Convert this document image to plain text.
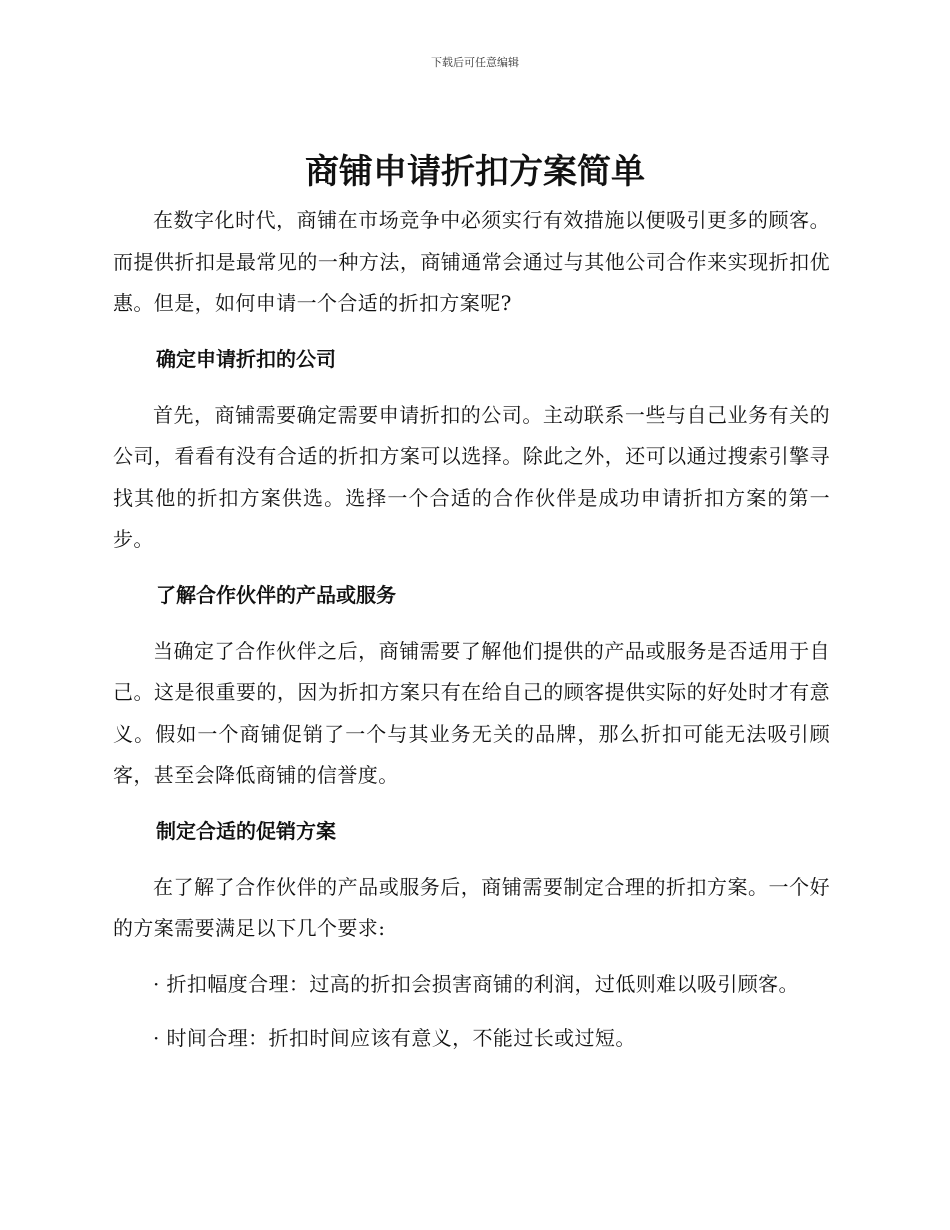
下载后可任意编辑
商铺申请折扣方案简单

在数字化时代，商铺在市场竞争中必须实行有效措施以便吸引更多的顾客。而提供折扣是最常见的一种方法，商铺通常会通过与其他公司合作来实现折扣优惠。但是，如何申请一个合适的折扣方案呢?

确定申请折扣的公司

首先，商铺需要确定需要申请折扣的公司。主动联系一些与自己业务有关的公司，看看有没有合适的折扣方案可以选择。除此之外，还可以通过搜索引擎寻找其他的折扣方案供选。选择一个合适的合作伙伴是成功申请折扣方案的第一步。

了解合作伙伴的产品或服务

当确定了合作伙伴之后，商铺需要了解他们提供的产品或服务是否适用于自己。这是很重要的，因为折扣方案只有在给自己的顾客提供实际的好处时才有意义。假如一个商铺促销了一个与其业务无关的品牌，那么折扣可能无法吸引顾客，甚至会降低商铺的信誉度。

制定合适的促销方案

在了解了合作伙伴的产品或服务后，商铺需要制定合理的折扣方案。一个好的方案需要满足以下几个要求:

· 折扣幅度合理：过高的折扣会损害商铺的利润，过低则难以吸引顾客。

· 时间合理：折扣时间应该有意义，不能过长或过短。
